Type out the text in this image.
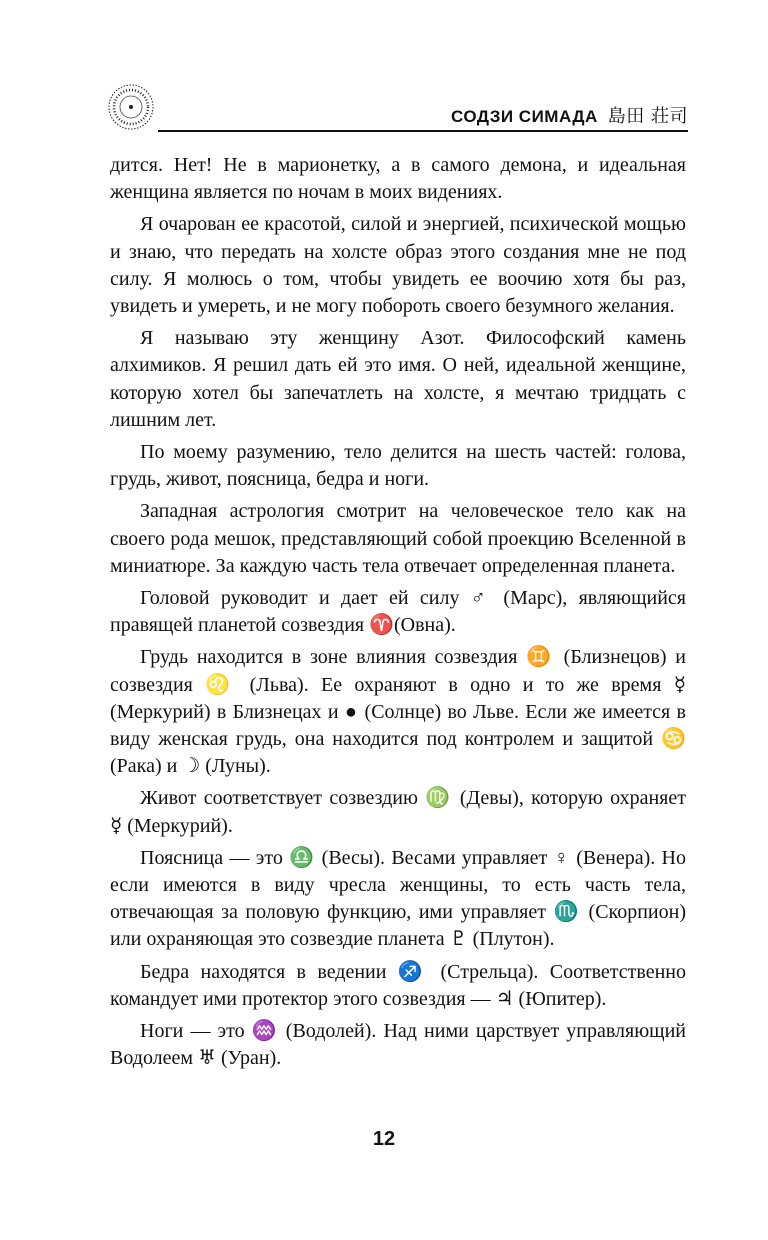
СОДЗИ СИМАДА 島田 荘司

дится. Нет! Не в марионетку, а в самого демона, и идеальная женщина является по ночам в моих видениях.

Я очарован ее красотой, силой и энергией, психической мощью и знаю, что передать на холсте образ этого создания мне не под силу. Я молюсь о том, чтобы увидеть ее воочию хотя бы раз, увидеть и умереть, и не могу побороть своего безумного желания.

Я называю эту женщину Азот. Философский камень алхимиков. Я решил дать ей это имя. О ней, идеальной женщине, которую хотел бы запечатлеть на холсте, я мечтаю тридцать с лишним лет.

По моему разумению, тело делится на шесть частей: голова, грудь, живот, поясница, бедра и ноги.

Западная астрология смотрит на человеческое тело как на своего рода мешок, представляющий собой проекцию Вселенной в миниатюре. За каждую часть тела отвечает определенная планета.

Головой руководит и дает ей силу ♂ (Марс), являющийся правящей планетой созвездия ♈(Овна).

Грудь находится в зоне влияния созвездия ♊ (Близнецов) и созвездия ♌ (Льва). Ее охраняют в одно и то же время ☿ (Меркурий) в Близнецах и ● (Солнце) во Льве. Если же имеется в виду женская грудь, она находится под контролем и защитой ♋ (Рака) и ☽ (Луны).

Живот соответствует созвездию ♍ (Девы), которую охраняет ☿ (Меркурий).

Поясница — это ♎ (Весы). Весами управляет ♀ (Венера). Но если имеются в виду чресла женщины, то есть часть тела, отвечающая за половую функцию, ими управляет ♏ (Скорпион) или охраняющая это созвездие планета ♇ (Плутон).

Бедра находятся в ведении ♐ (Стрельца). Соответственно командует ими протектор этого созвездия — ♃ (Юпитер).

Ноги — это ♒ (Водолей). Над ними царствует управляющий Водолеем ♅ (Уран).

12
